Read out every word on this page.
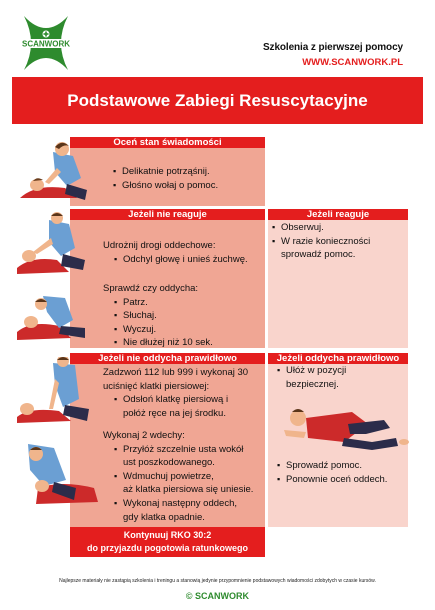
SCANWORK	Szkolenia z pierwszej pomocy
WWW.SCANWORK.PL
Podstawowe Zabiegi Resuscytacyjne
Oceń stan świadomości
▪ Delikatnie potrząśnij.
▪ Głośno wołaj o pomoc.
Jeżeli nie reaguje	Jeżeli reaguje
Udrożnij drogi oddechowe:
▪ Odchyl głowę i unieś żuchwę.
Sprawdź czy oddycha:
▪ Patrz.
▪ Słuchaj.
▪ Wyczuj.
▪ Nie dłużej niż 10 sek.
▪ Obserwuj.
▪ W razie konieczności
sprowadź pomoc.
Jeżeli nie oddycha prawidłowo	Jeżeli oddycha prawidłowo
Zadzwoń 112 lub 999 i wykonaj 30
uciśnięć klatki piersiowej:
▪ Odsłoń klatkę piersiową i
połóż ręce na jej środku.
Wykonaj 2 wdechy:
▪ Przyłóż szczelnie usta wokół
ust poszkodowanego.
▪ Wdmuchuj powietrze,
aż klatka piersiowa się uniesie.
▪ Wykonaj następny oddech,
gdy klatka opadnie.
▪ Ułóż w pozycji
bezpiecznej.
▪ Sprowadź pomoc.
▪ Ponownie oceń oddech.
Kontynuuj RKO 30:2
do przyjazdu pogotowia ratunkowego
Najlepsze materiały nie zastąpią szkolenia i treningu a stanowią jedynie przypomnienie podstawowych wiadomości zdobytych w czasie kursów.
© SCANWORK
